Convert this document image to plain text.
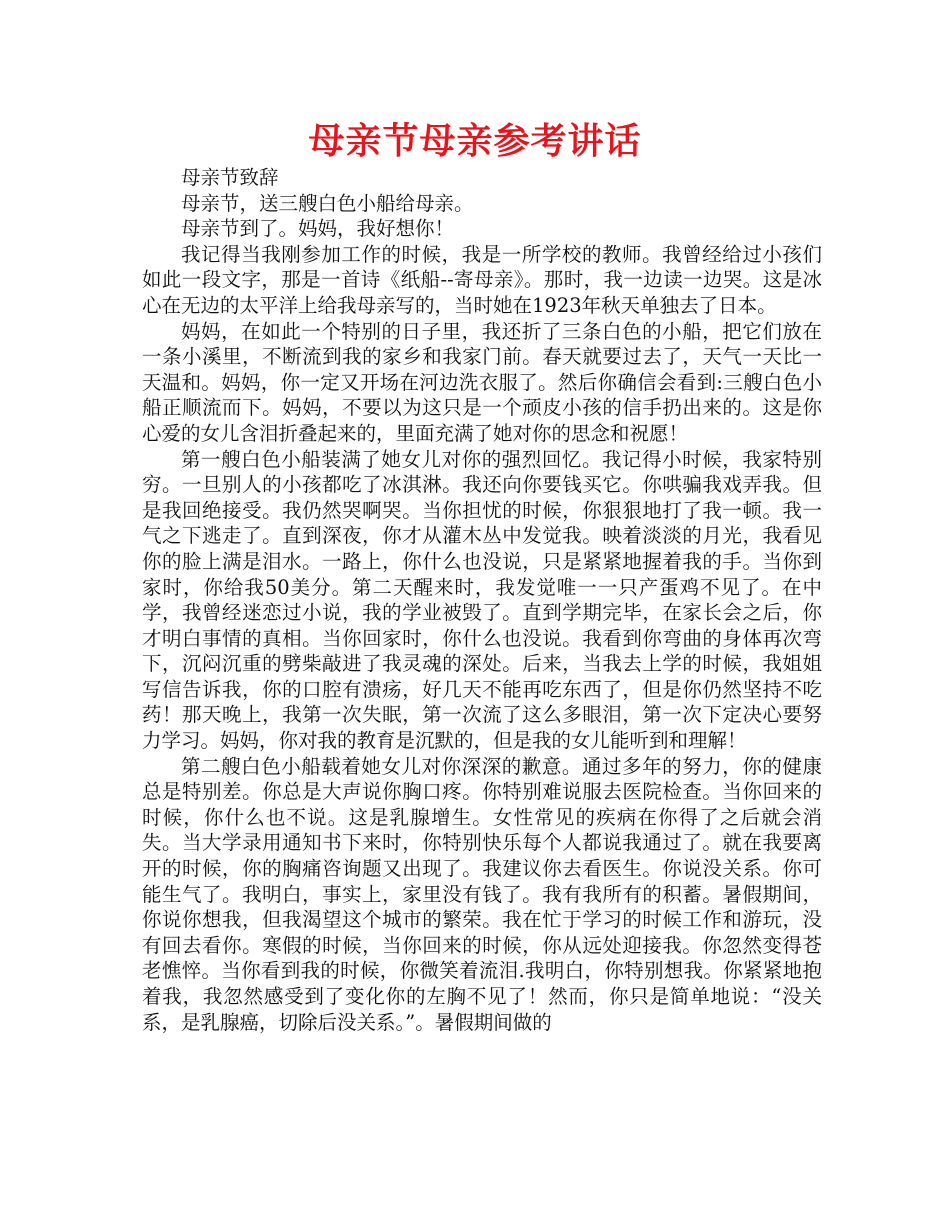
母亲节母亲参考讲话

母亲节致辞

母亲节，送三艘白色小船给母亲。

母亲节到了。妈妈，我好想你！

我记得当我刚参加工作的时候，我是一所学校的教师。我曾经给过小孩们如此一段文字，那是一首诗《纸船--寄母亲》。那时，我一边读一边哭。这是冰心在无边的太平洋上给我母亲写的，当时她在1923年秋天单独去了日本。

妈妈，在如此一个特别的日子里，我还折了三条白色的小船，把它们放在一条小溪里，不断流到我的家乡和我家门前。春天就要过去了，天气一天比一天温和。妈妈，你一定又开场在河边洗衣服了。然后你确信会看到:三艘白色小船正顺流而下。妈妈，不要以为这只是一个顽皮小孩的信手扔出来的。这是你心爱的女儿含泪折叠起来的，里面充满了她对你的思念和祝愿！

第一艘白色小船装满了她女儿对你的强烈回忆。我记得小时候，我家特别穷。一旦别人的小孩都吃了冰淇淋。我还向你要钱买它。你哄骗我戏弄我。但是我回绝接受。我仍然哭啊哭。当你担忧的时候，你狠狠地打了我一顿。我一气之下逃走了。直到深夜，你才从灌木丛中发觉我。映着淡淡的月光，我看见你的脸上满是泪水。一路上，你什么也没说，只是紧紧地握着我的手。当你到家时，你给我50美分。第二天醒来时，我发觉唯一一只产蛋鸡不见了。在中学，我曾经迷恋过小说，我的学业被毁了。直到学期完毕，在家长会之后，你才明白事情的真相。当你回家时，你什么也没说。我看到你弯曲的身体再次弯下，沉闷沉重的劈柴敲进了我灵魂的深处。后来，当我去上学的时候，我姐姐写信告诉我，你的口腔有溃疡，好几天不能再吃东西了，但是你仍然坚持不吃药！那天晚上，我第一次失眠，第一次流了这么多眼泪，第一次下定决心要努力学习。妈妈，你对我的教育是沉默的，但是我的女儿能听到和理解！

第二艘白色小船载着她女儿对你深深的歉意。通过多年的努力，你的健康总是特别差。你总是大声说你胸口疼。你特别难说服去医院检查。当你回来的时候，你什么也不说。这是乳腺增生。女性常见的疾病在你得了之后就会消失。当大学录用通知书下来时，你特别快乐每个人都说我通过了。就在我要离开的时候，你的胸痛咨询题又出现了。我建议你去看医生。你说没关系。你可能生气了。我明白，事实上，家里没有钱了。我有我所有的积蓄。暑假期间，你说你想我，但我渴望这个城市的繁荣。我在忙于学习的时候工作和游玩，没有回去看你。寒假的时候，当你回来的时候，你从远处迎接我。你忽然变得苍老憔悴。当你看到我的时候，你微笑着流泪.我明白，你特别想我。你紧紧地抱着我，我忽然感受到了变化你的左胸不见了！然而，你只是简单地说：“没关系，是乳腺癌，切除后没关系。”。暑假期间做的
